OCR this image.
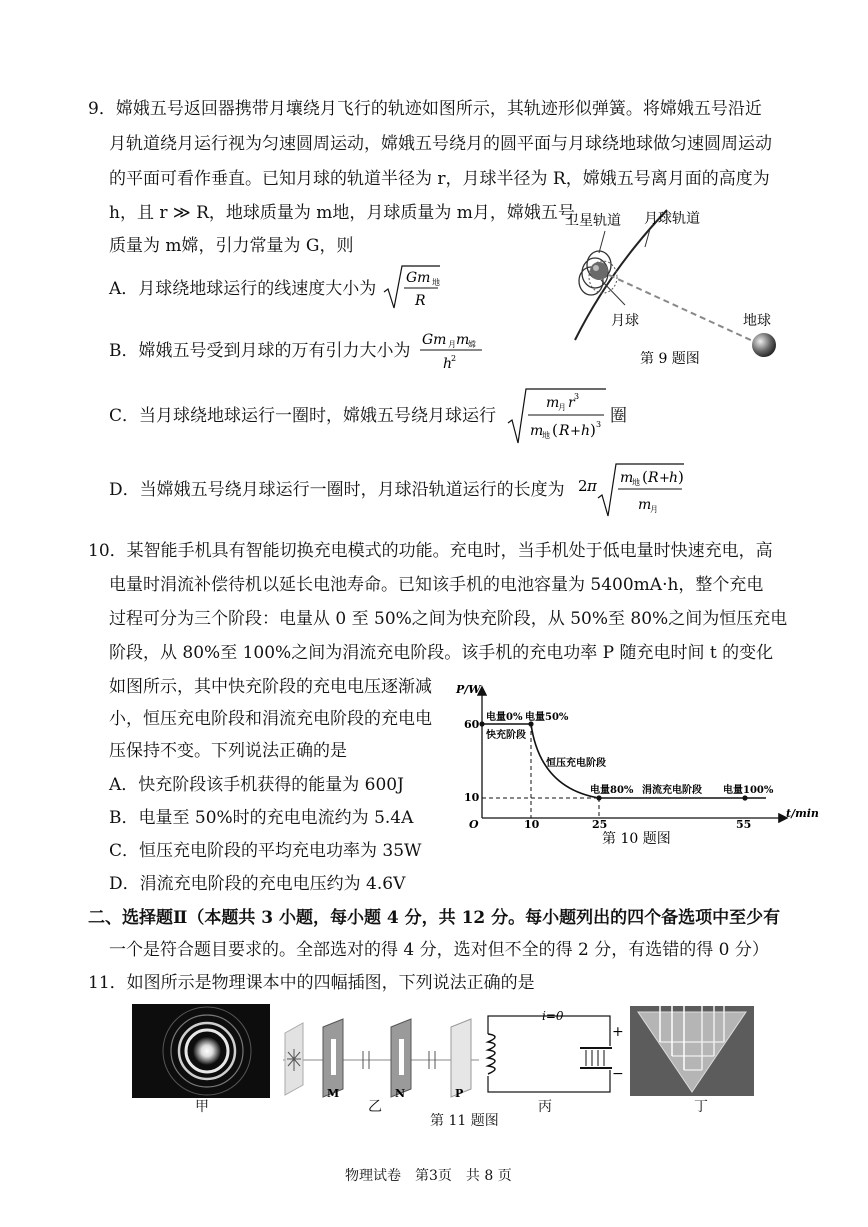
9．嫦娥五号返回器携带月壤绕月飞行的轨迹如图所示，其轨迹形似弹簧。将嫦娥五号沿近
月轨道绕月运行视为匀速圆周运动，嫦娥五号绕月的圆平面与月球绕地球做匀速圆周运动
的平面可看作垂直。已知月球的轨道半径为 r，月球半径为 R，嫦娥五号离月面的高度为
h，且 r ≫ R，地球质量为 m地，月球质量为 m月，嫦娥五号
质量为 m嫦，引力常量为 G，则
A．月球绕地球运行的线速度大小为
Gm 地
R
B．嫦娥五号受到月球的万有引力大小为
Gm 月 m
嫦
h
2
C．当月球绕地球运行一圈时，嫦娥五号绕月球运行
m
月 r 3
m
地 ( R + h ) 3 圈
D．当嫦娥五号绕月球运行一圈时，月球沿轨道运行的长度为 2 π m
地 ( R + h )
m
月
卫星轨道 月球轨道
月球	地球
第 9 题图
10．某智能手机具有智能切换充电模式的功能。充电时，当手机处于低电量时快速充电，高
电量时涓流补偿待机以延长电池寿命。已知该手机的电池容量为 5400mA·h，整个充电
过程可分为三个阶段：电量从 0 至 50%之间为快充阶段，从 50%至 80%之间为恒压充电
阶段，从 80%至 100%之间为涓流充电阶段。该手机的充电功率 P 随充电时间 t 的变化
如图所示，其中快充阶段的充电电压逐渐减
小，恒压充电阶段和涓流充电阶段的充电电
压保持不变。下列说法正确的是
A．快充阶段该手机获得的能量为 600J
B．电量至 50%时的充电电流约为 5.4A
C．恒压充电阶段的平均充电功率为 35W
D．涓流充电阶段的充电电压约为 4.6V
P/W
t/min
O
60
10
10	25	55
电量0% 电量50%
快充阶段
恒压充电阶段
电量80% 涓流充电阶段 电量100%
第 10 题图
二、选择题Ⅱ（本题共 3 小题，每小题 4 分，共 12 分。每小题列出的四个备选项中至少有
一个是符合题目要求的。全部选对的得 4 分，选对但不全的得 2 分，有选错的得 0 分）
11．如图所示是物理课本中的四幅插图，下列说法正确的是
甲
M	N	P
乙
i=0
+
−
丙	丁
第 11 题图
物理试卷　第3页　共 8 页
